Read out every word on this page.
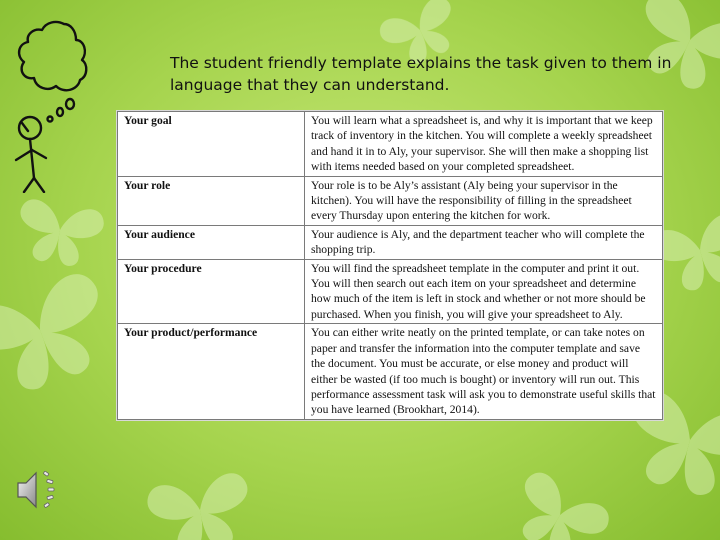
The student friendly template explains the task given to them in language that they can understand.
Your goal	You will learn what a spreadsheet is, and why it is important that we keep track of inventory in the kitchen. You will complete a weekly spreadsheet and hand it in to Aly, your supervisor. She will then make a shopping list with items needed based on your completed spreadsheet.
Your role	Your role is to be Aly’s assistant (Aly being your supervisor in the kitchen). You will have the responsibility of filling in the spreadsheet every Thursday upon entering the kitchen for work.
Your audience	Your audience is Aly, and the department teacher who will complete the shopping trip.
Your procedure	You will find the spreadsheet template in the computer and print it out. You will then search out each item on your spreadsheet and determine how much of the item is left in stock and whether or not more should be purchased. When you finish, you will give your spreadsheet to Aly.
Your product/performance	You can either write neatly on the printed template, or can take notes on paper and transfer the information into the computer template and save the document. You must be accurate, or else money and product will either be wasted (if too much is bought) or inventory will run out. This performance assessment task will ask you to demonstrate useful skills that you have learned (Brookhart, 2014).
